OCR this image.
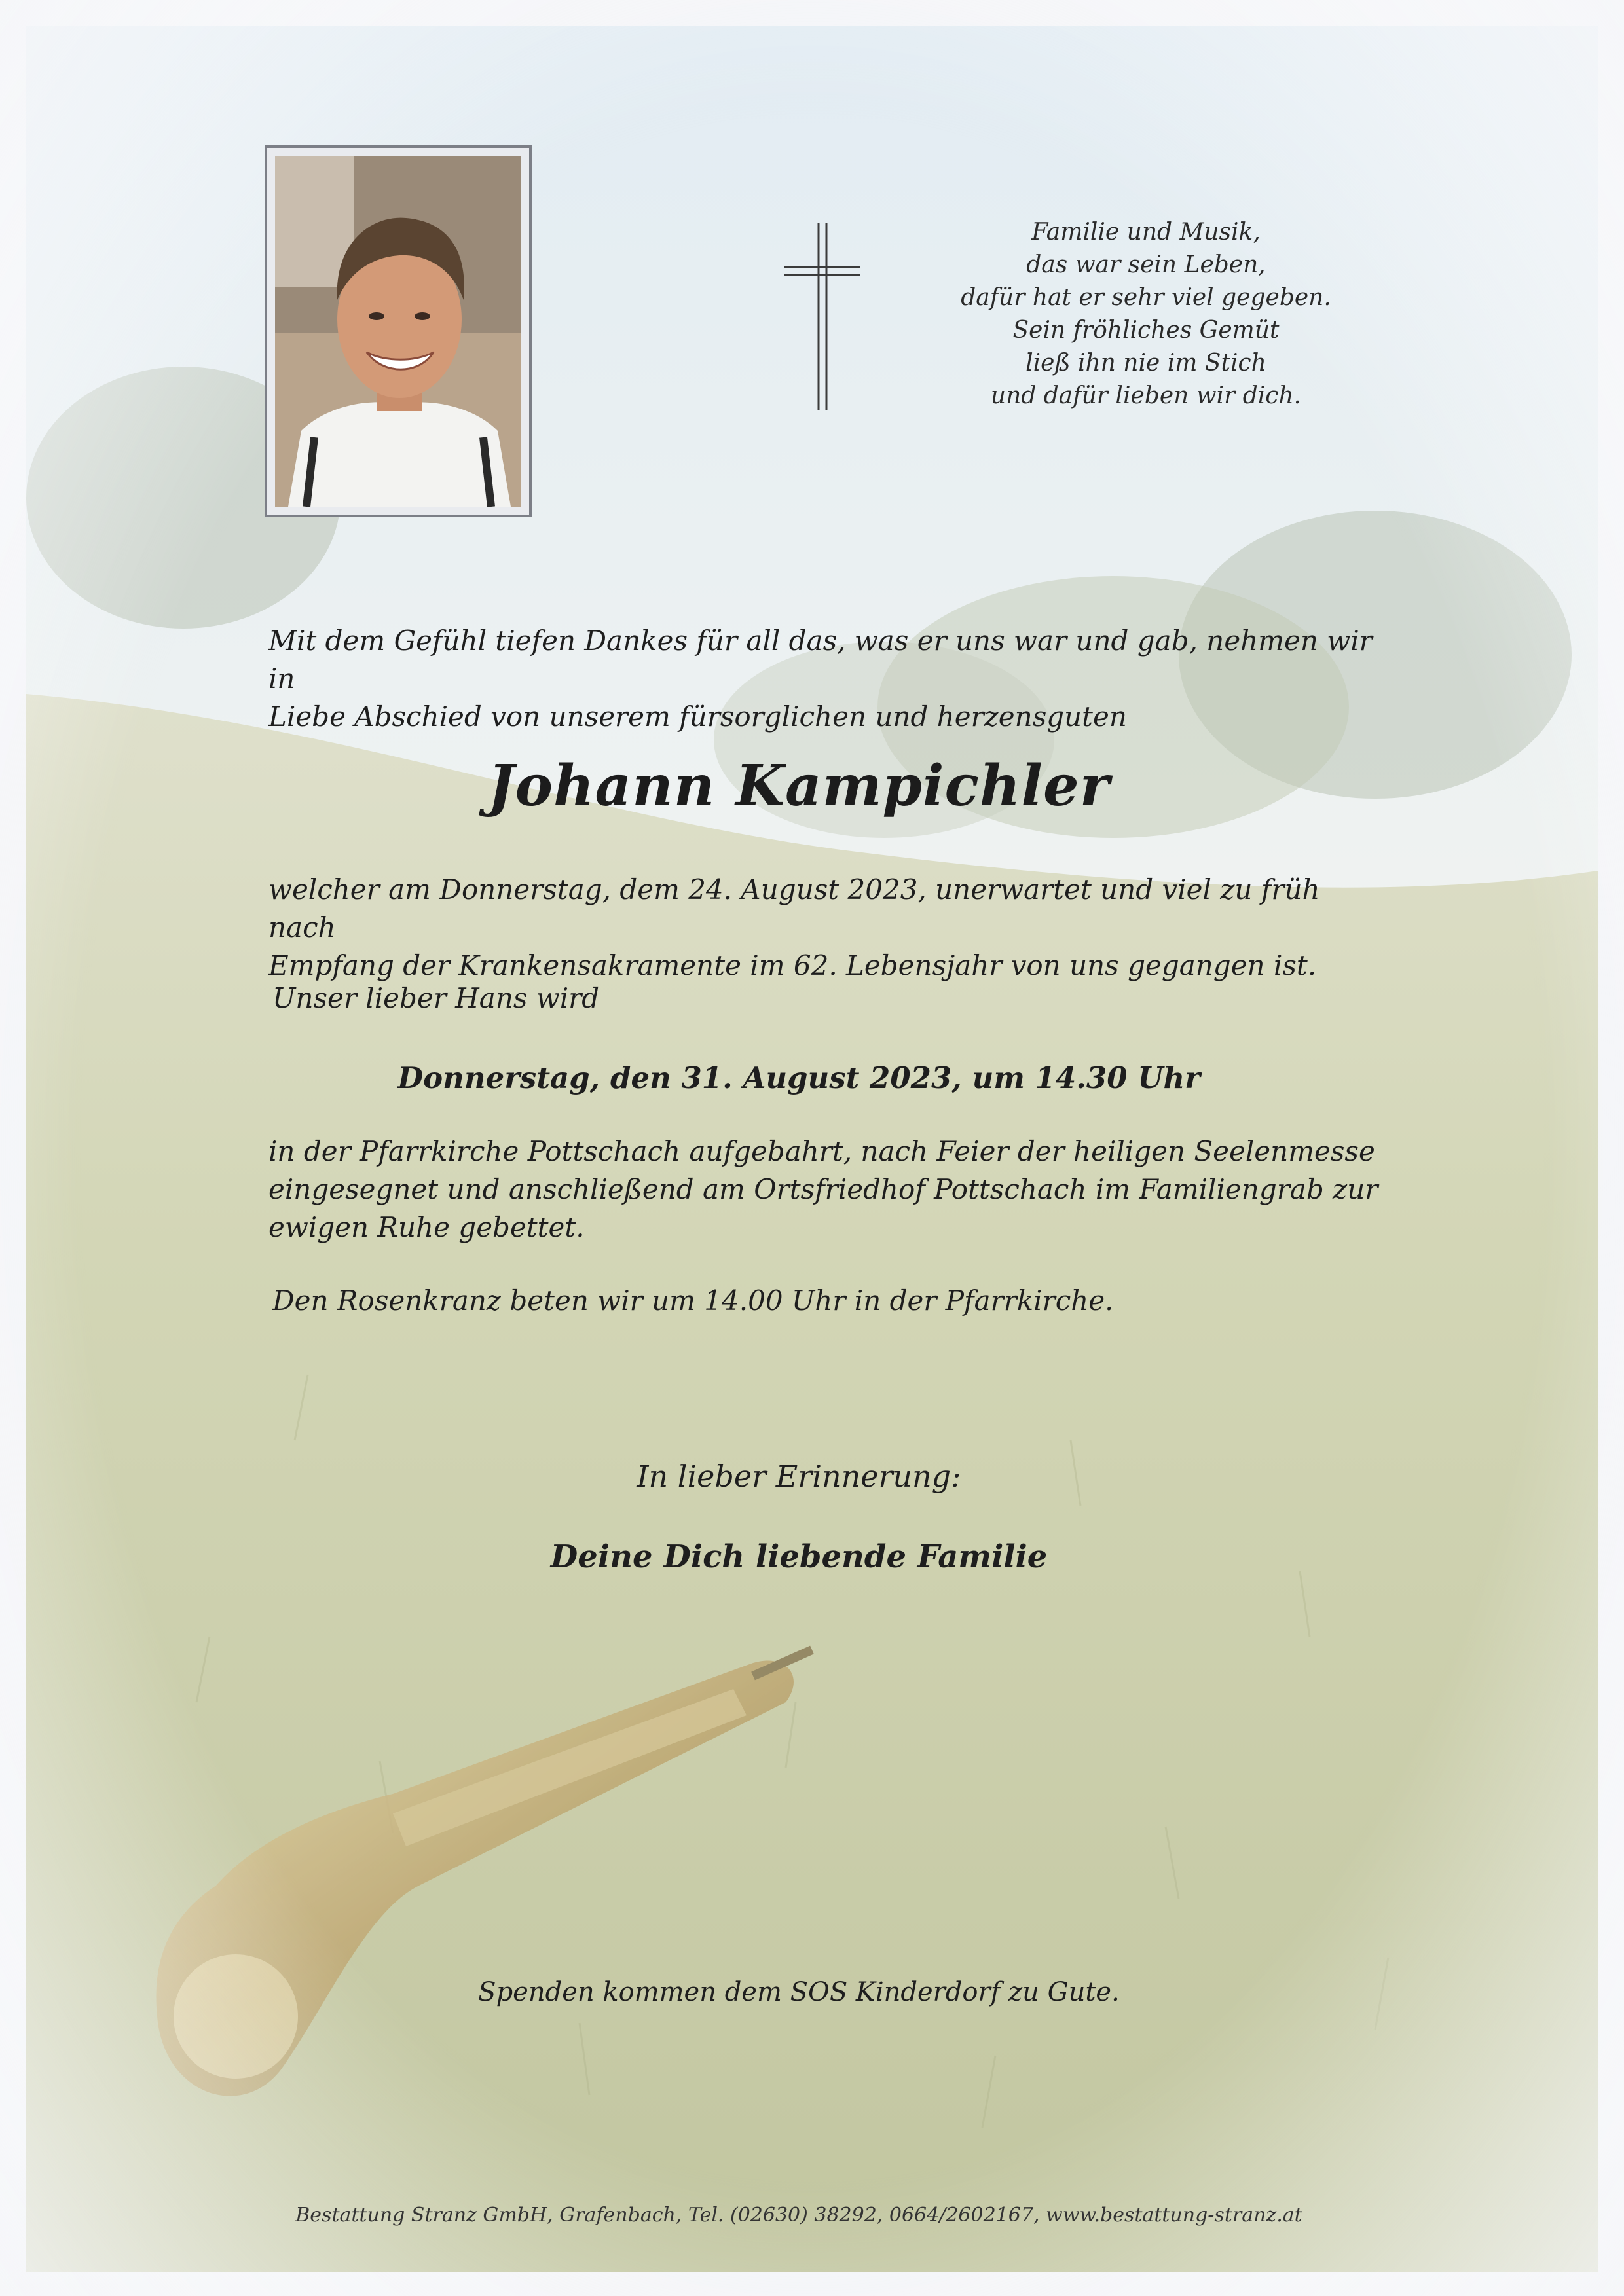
Familie und Musik,
das war sein Leben,
dafür hat er sehr viel gegeben.
Sein fröhliches Gemüt
ließ ihn nie im Stich
und dafür lieben wir dich.
Mit dem Gefühl tiefen Dankes für all das, was er uns war und gab, nehmen wir in
Liebe Abschied von unserem fürsorglichen und herzensguten
Johann Kampichler
welcher am Donnerstag, dem 24. August 2023, unerwartet und viel zu früh nach
Empfang der Krankensakramente im 62. Lebensjahr von uns gegangen ist.
Unser lieber Hans wird
Donnerstag, den 31. August 2023, um 14.30 Uhr
in der Pfarrkirche Pottschach aufgebahrt, nach Feier der heiligen Seelenmesse
eingesegnet und anschließend am Ortsfriedhof Pottschach im Familiengrab zur
ewigen Ruhe gebettet.
Den Rosenkranz beten wir um 14.00 Uhr in der Pfarrkirche.
In lieber Erinnerung:
Deine Dich liebende Familie
Spenden kommen dem SOS Kinderdorf zu Gute.
Bestattung Stranz GmbH, Grafenbach, Tel. (02630) 38292, 0664/2602167, www.bestattung-stranz.at
